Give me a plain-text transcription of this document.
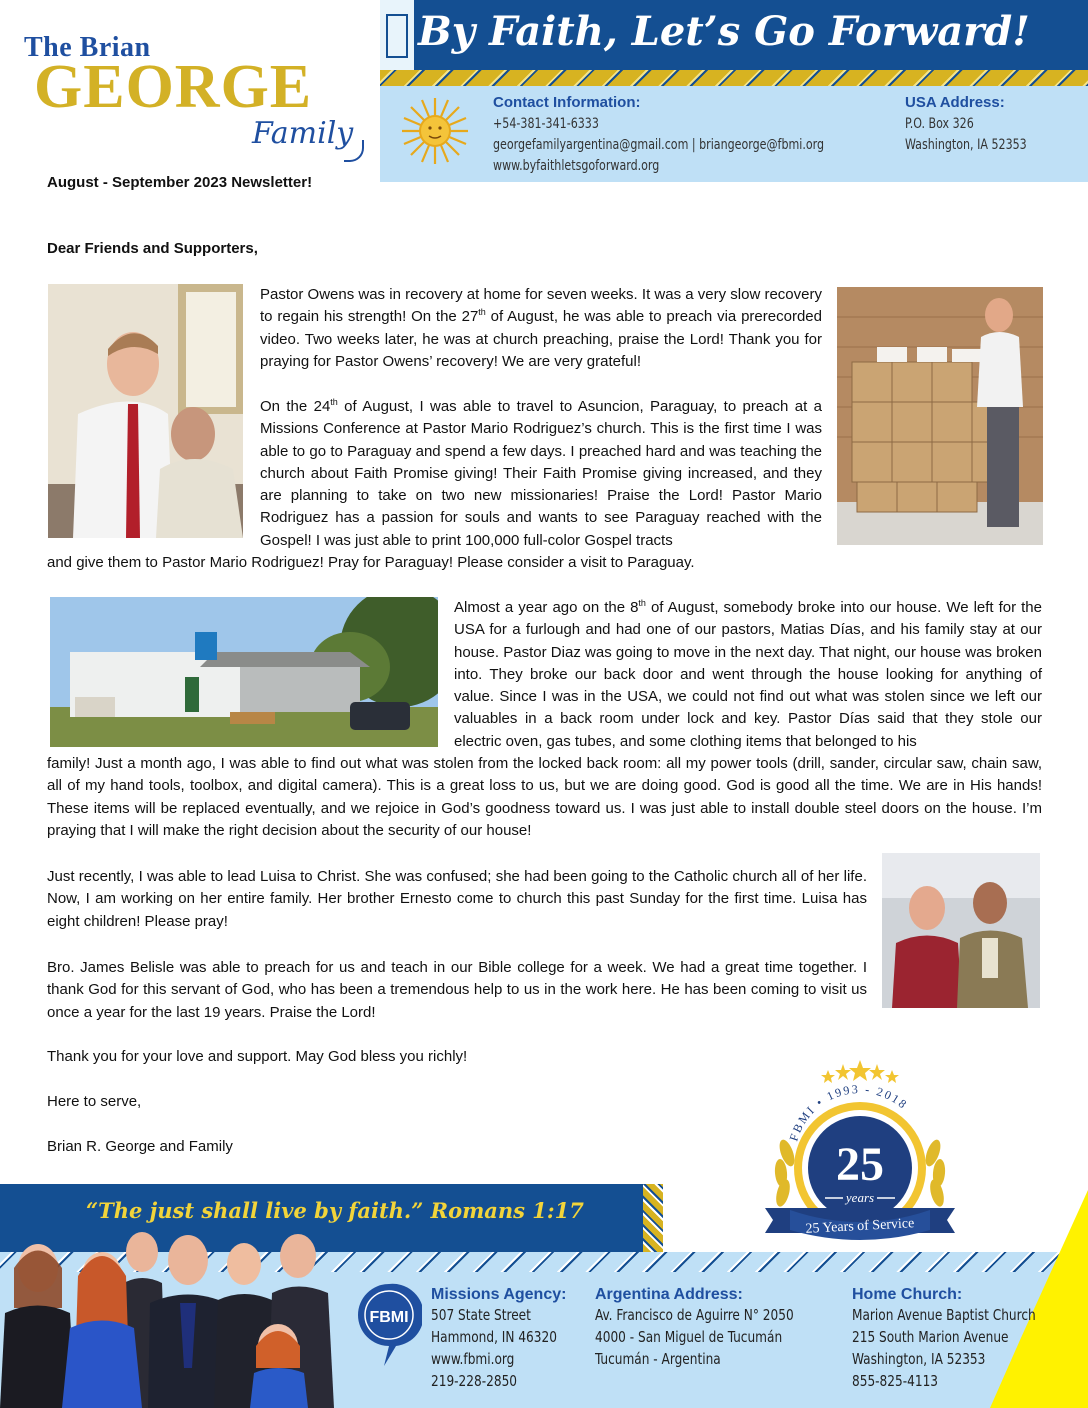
The Brian
GEORGE
Family
By Faith, Let’s Go Forward!
Contact Information:
+54-381-341-6333
georgefamilyargentina@gmail.com | briangeorge@fbmi.org
www.byfaithletsgoforward.org
USA Address:
P.O. Box 326
Washington, IA 52353
August - September 2023 Newsletter!
Dear Friends and Supporters,

Pastor Owens was in recovery at home for seven weeks. It was a very slow recovery to regain his strength! On the 27th of August, he was able to preach via prerecorded video. Two weeks later, he was at church preaching, praise the Lord! Thank you for praying for Pastor Owens’ recovery! We are very grateful!

On the 24th of August, I was able to travel to Asuncion, Paraguay, to preach at a Missions Conference at Pastor Mario Rodriguez’s church. This is the first time I was able to go to Paraguay and spend a few days. I preached hard and was teaching the church about Faith Promise giving! Their Faith Promise giving increased, and they are planning to take on two new missionaries! Praise the Lord! Pastor Mario Rodriguez has a passion for souls and wants to see Paraguay reached with the Gospel! I was just able to print 100,000 full-color Gospel tracts

and give them to Pastor Mario Rodriguez! Pray for Paraguay! Please consider a visit to Paraguay.

Almost a year ago on the 8th of August, somebody broke into our house. We left for the USA for a furlough and had one of our pastors, Matias Días, and his family stay at our house. Pastor Diaz was going to move in the next day. That night, our house was broken into. They broke our back door and went through the house looking for anything of value. Since I was in the USA, we could not find out what was stolen since we left our valuables in a back room under lock and key. Pastor Días said that they stole our electric oven, gas tubes, and some clothing items that belonged to his

family! Just a month ago, I was able to find out what was stolen from the locked back room: all my power tools (drill, sander, circular saw, chain saw, all of my hand tools, toolbox, and digital camera). This is a great loss to us, but we are doing good. God is good all the time. We are in His hands! These items will be replaced eventually, and we rejoice in God’s goodness toward us. I was just able to install double steel doors on the house. I’m praying that I will make the right decision about the security of our house!
Just recently, I was able to lead Luisa to Christ. She was confused; she had been going to the Catholic church all of her life. Now, I am working on her entire family. Her brother Ernesto come to church this past Sunday for the first time. Luisa has eight children! Please pray!
Bro. James Belisle was able to preach for us and teach in our Bible college for a week. We had a great time together. I thank God for this servant of God, who has been a tremendous help to us in the work here. He has been coming to visit us once a year for the last 19 years. Praise the Lord!
Thank you for your love and support. May God bless you richly!
Here to serve,
Brian R. George and Family
FBMI • 1993 - 2018
25
years
25 Years of Service
“The just shall live by faith.” Romans 1:17
FBMI
Missions Agency:
507 State Street
Hammond, IN 46320
www.fbmi.org
219-228-2850
Argentina Address:
Av. Francisco de Aguirre N° 2050
4000 - San Miguel de Tucumán
Tucumán - Argentina
Home Church:
Marion Avenue Baptist Church
215 South Marion Avenue
Washington, IA 52353
855-825-4113
